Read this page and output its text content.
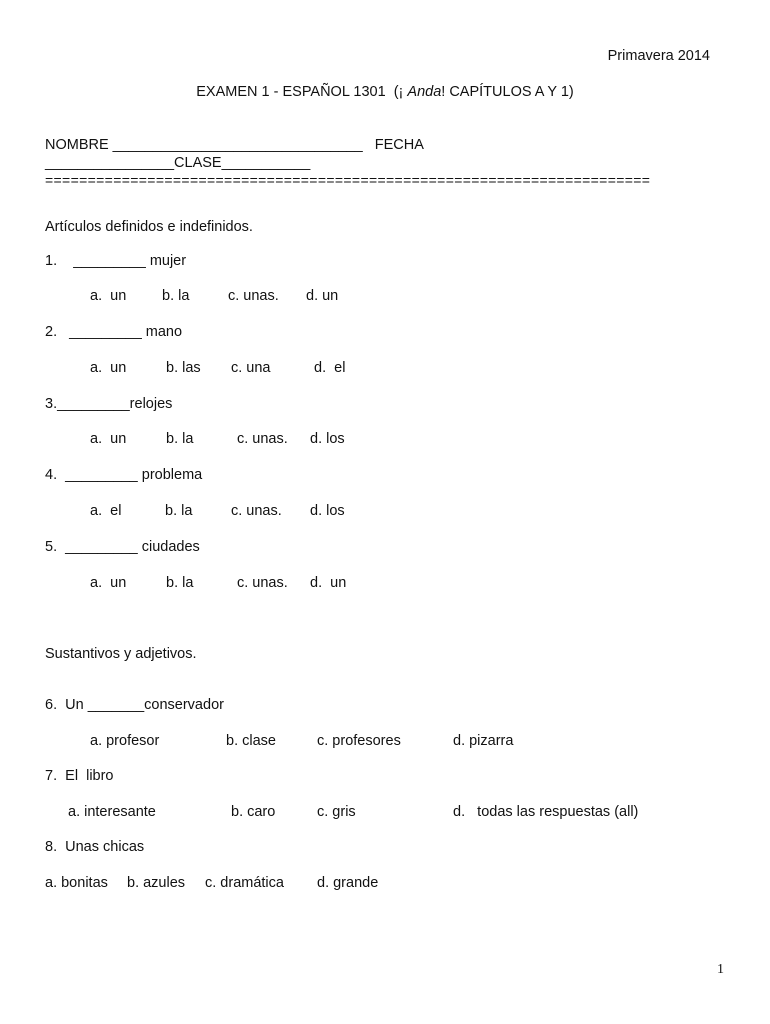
Primavera 2014
EXAMEN 1 - ESPAÑOL 1301  (¡ Anda! CAPÍTULOS A Y 1)
NOMBRE _______________________________   FECHA
________________CLASE___________
=======================================================================
Artículos definidos e indefinidos.
1.    _________ mujer
a.  un b. la	c. unas. d. un
2.   _________ mano
a.  un	b. las c. una	d.  el
3._________relojes
a.  un	b. la	c. unas. d. los
4.  _________ problema
a.  el	b. la	c. unas. d. los
5.  _________ ciudades
a.  un	b. la	c. unas. d.  un
Sustantivos y adjetivos.
6.  Un _______conservador
a. profesor	b. clase	c. profesores	d. pizarra
7.  El  libro
a. interesante	b. caro	c. gris	d.   todas las respuestas (all)
8.  Unas chicas
a. bonitas b. azules c. dramática d. grande
1
